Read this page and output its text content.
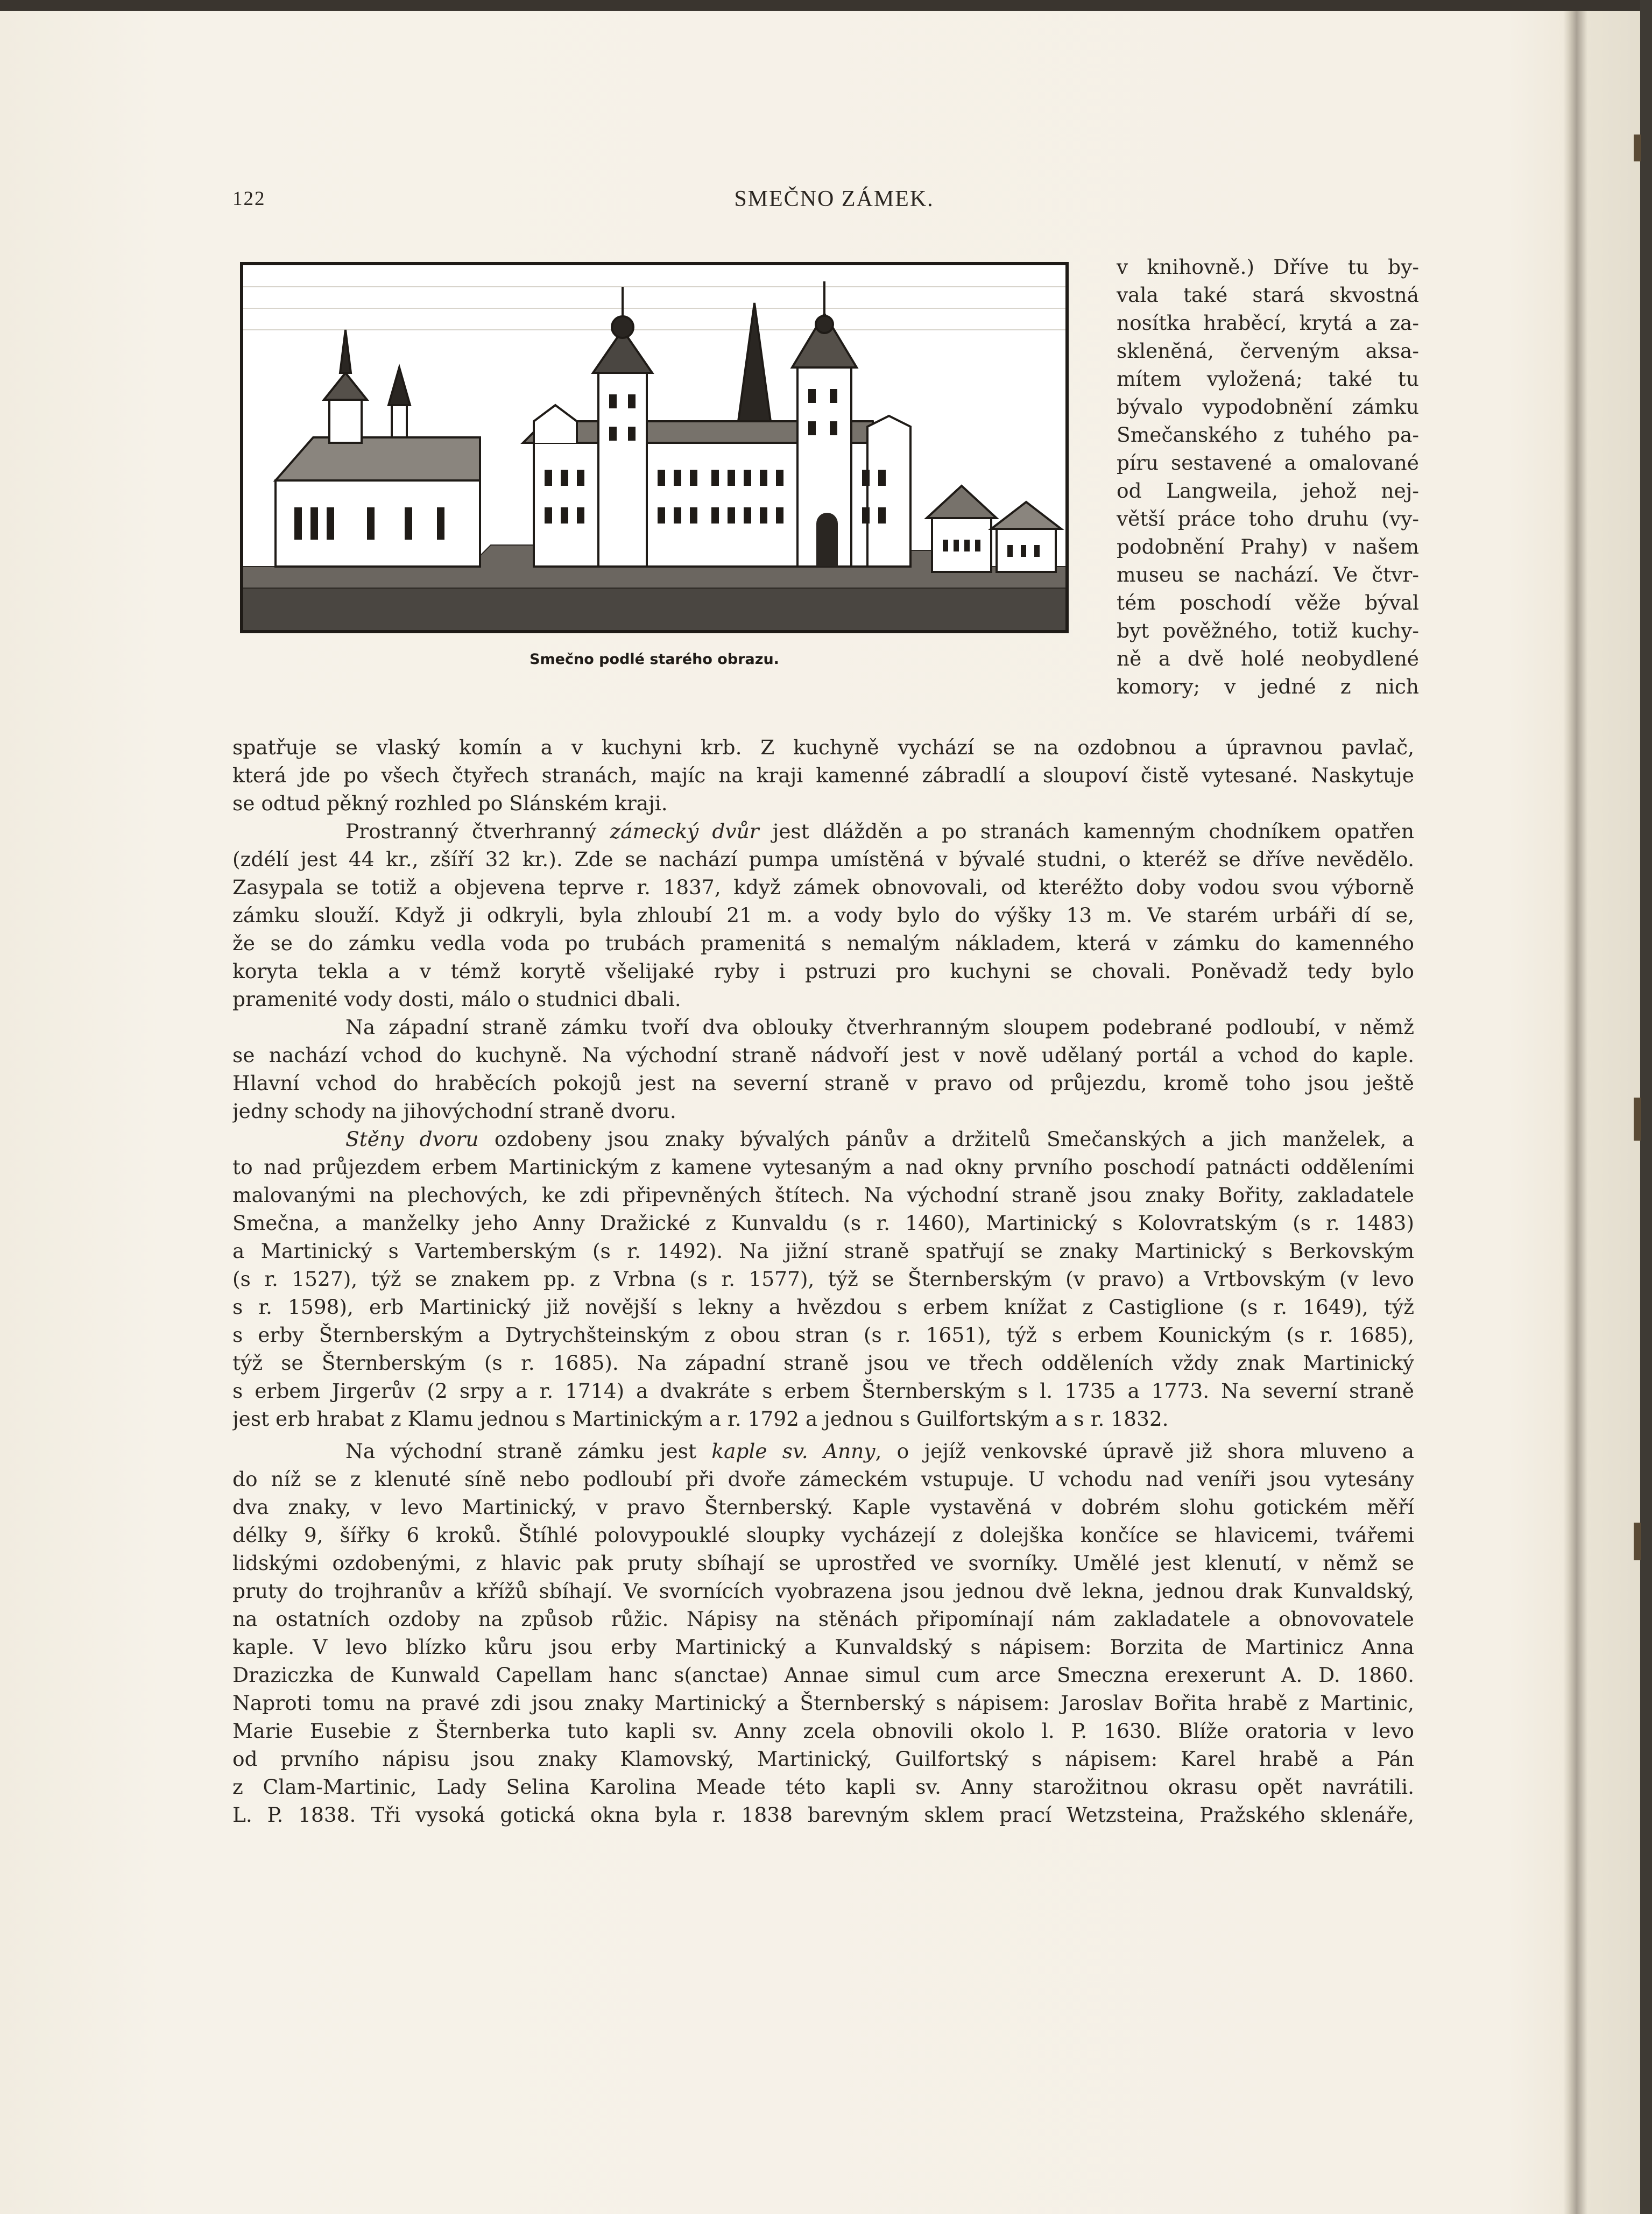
122	SMEČNO ZÁMEK.
Smečno podlé starého obrazu.
v knihovně.) Dříve tu by-
vala také stará skvostná
nosítka hraběcí, krytá a za-
sklenĕná, červeným aksa-
mítem vyložená; také tu
bývalo vypodobnění zámku
Smečanského z tuhého pa-
píru sestavené a omalované
od Langweila, jehož nej-
větší práce toho druhu (vy-
podobnění Prahy) v našem
museu se nachází. Ve čtvr-
tém poschodí věže býval
byt pověžného, totiž kuchy-
ně a dvě holé neobydlené
komory; v jedné z nich
spatřuje se vlaský komín a v kuchyni krb. Z kuchyně vychází se na ozdobnou a úpravnou pavlač,
která jde po všech čtyřech stranách, majíc na kraji kamenné zábradlí a sloupoví čistě vytesané. Naskytuje
se odtud pěkný rozhled po Slánském kraji.
Prostranný čtverhranný zámecký dvůr jest dlážděn a po stranách kamenným chodníkem opatřen
(zdélí jest 44 kr., zšíří 32 kr.). Zde se nachází pumpa umístěná v bývalé studni, o kteréž se dříve nevědělo.
Zasypala se totiž a objevena teprve r. 1837, když zámek obnovovali, od kteréžto doby vodou svou výborně
zámku slouží. Když ji odkryli, byla zhloubí 21 m. a vody bylo do výšky 13 m. Ve starém urbáři dí se,
že se do zámku vedla voda po trubách pramenitá s nemalým nákladem, která v zámku do kamenného
koryta tekla a v témž korytě všelijaké ryby i pstruzi pro kuchyni se chovali. Poněvadž tedy bylo
pramenité vody dosti, málo o studnici dbali.
Na západní straně zámku tvoří dva oblouky čtverhranným sloupem podebrané podloubí, v němž
se nachází vchod do kuchyně. Na východní straně nádvoří jest v nově udělaný portál a vchod do kaple.
Hlavní vchod do hraběcích pokojů jest na severní straně v pravo od průjezdu, kromě toho jsou ještě
jedny schody na jihovýchodní straně dvoru.
Stěny dvoru ozdobeny jsou znaky bývalých pánův a držitelů Smečanských a jich manželek, a
to nad průjezdem erbem Martinickým z kamene vytesaným a nad okny prvního poschodí patnácti odděleními
malovanými na plechových, ke zdi připevněných štítech. Na východní straně jsou znaky Bořity, zakladatele
Smečna, a manželky jeho Anny Dražické z Kunvaldu (s r. 1460), Martinický s Kolovratským (s r. 1483)
a Martinický s Vartemberským (s r. 1492). Na jižní straně spatřují se znaky Martinický s Berkovským
(s r. 1527), týž se znakem pp. z Vrbna (s r. 1577), týž se Šternberským (v pravo) a Vrtbovským (v levo
s r. 1598), erb Martinický již novější s lekny a hvězdou s erbem knížat z Castiglione (s r. 1649), týž
s erby Šternberským a Dytrychšteinským z obou stran (s r. 1651), týž s erbem Kounickým (s r. 1685),
týž se Šternberským (s r. 1685). Na západní straně jsou ve třech odděleních vždy znak Martinický
s erbem Jirgerův (2 srpy a r. 1714) a dvakráte s erbem Šternberským s l. 1735 a 1773. Na severní straně
jest erb hrabat z Klamu jednou s Martinickým a r. 1792 a jednou s Guilfortským a s r. 1832.
Na východní straně zámku jest kaple sv. Anny, o jejíž venkovské úpravě již shora mluveno a
do níž se z klenuté síně nebo podloubí při dvoře zámeckém vstupuje. U vchodu nad veníři jsou vytesány
dva znaky, v levo Martinický, v pravo Šternberský. Kaple vystavěná v dobrém slohu gotickém měří
délky 9, šířky 6 kroků. Štíhlé polovypouklé sloupky vycházejí z dolejška končíce se hlavicemi, tvářemi
lidskými ozdobenými, z hlavic pak pruty sbíhají se uprostřed ve svorníky. Umělé jest klenutí, v němž se
pruty do trojhranův a křížů sbíhají. Ve svornících vyobrazena jsou jednou dvě lekna, jednou drak Kunvaldský,
na ostatních ozdoby na způsob růžic. Nápisy na stěnách připomínají nám zakladatele a obnovovatele
kaple. V levo blízko kůru jsou erby Martinický a Kunvaldský s nápisem: Borzita de Martinicz Anna
Draziczka de Kunwald Capellam hanc s(anctae) Annae simul cum arce Smeczna erexerunt A. D. 1860.
Naproti tomu na pravé zdi jsou znaky Martinický a Šternberský s nápisem: Jaroslav Bořita hrabě z Martinic,
Marie Eusebie z Šternberka tuto kapli sv. Anny zcela obnovili okolo l. P. 1630. Blíže oratoria v levo
od prvního nápisu jsou znaky Klamovský, Martinický, Guilfortský s nápisem: Karel hrabě a Pán
z Clam-Martinic, Lady Selina Karolina Meade této kapli sv. Anny starožitnou okrasu opět navrátili.
L. P. 1838. Tři vysoká gotická okna byla r. 1838 barevným sklem prací Wetzsteina, Pražského sklenáře,
